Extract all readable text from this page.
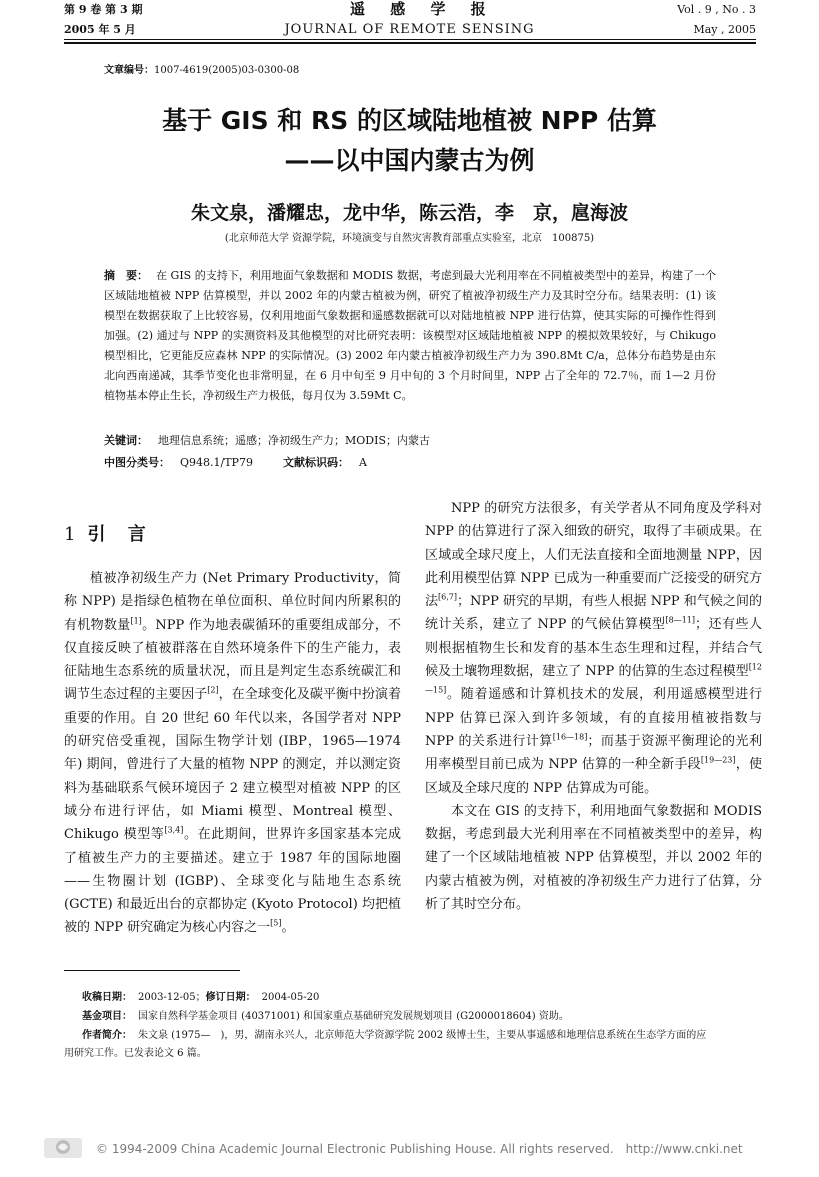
第 9 卷 第 3 期
2005 年 5 月
遥 感 学 报
JOURNAL OF REMOTE SENSING
Vol . 9 , No . 3
May , 2005
文章编号：1007-4619(2005)03-0300-08
基于 GIS 和 RS 的区域陆地植被 NPP 估算
——以中国内蒙古为例
朱文泉，潘耀忠，龙中华，陈云浩，李　京，扈海波
(北京师范大学 资源学院，环境演变与自然灾害教育部重点实验室，北京　100875)
摘　要： 在 GIS 的支持下，利用地面气象数据和 MODIS 数据，考虑到最大光利用率在不同植被类型中的差异，构建了一个区域陆地植被 NPP 估算模型，并以 2002 年的内蒙古植被为例，研究了植被净初级生产力及其时空分布。结果表明：(1) 该模型在数据获取了上比较容易，仅利用地面气象数据和遥感数据就可以对陆地植被 NPP 进行估算，使其实际的可操作性得到加强。(2) 通过与 NPP 的实测资料及其他模型的对比研究表明：该模型对区域陆地植被 NPP 的模拟效果较好，与 Chikugo 模型相比，它更能反应森林 NPP 的实际情况。(3) 2002 年内蒙古植被净初级生产力为 390.8Mt C/a，总体分布趋势是由东北向西南递减，其季节变化也非常明显，在 6 月中旬至 9 月中旬的 3 个月时间里，NPP 占了全年的 72.7％，而 1—2 月份植物基本停止生长，净初级生产力极低，每月仅为 3.59Mt C。
关键词： 地理信息系统；遥感；净初级生产力；MODIS；内蒙古
中图分类号： Q948.1/TP79	文献标识码： A
1 引 言

植被净初级生产力 (Net Primary Productivity，简称 NPP) 是指绿色植物在单位面积、单位时间内所累积的有机物数量[1]。NPP 作为地表碳循环的重要组成部分，不仅直接反映了植被群落在自然环境条件下的生产能力，表征陆地生态系统的质量状况，而且是判定生态系统碳汇和调节生态过程的主要因子[2]，在全球变化及碳平衡中扮演着重要的作用。自 20 世纪 60 年代以来，各国学者对 NPP 的研究倍受重视，国际生物学计划 (IBP，1965—1974 年) 期间，曾进行了大量的植物 NPP 的测定，并以测定资料为基础联系气候环境因子 2 建立模型对植被 NPP 的区域分布进行评估，如 Miami 模型、Montreal 模型、Chikugo 模型等[3,4]。在此期间，世界许多国家基本完成了植被生产力的主要描述。建立于 1987 年的国际地圈——生物圈计划 (IGBP)、全球变化与陆地生态系统 (GCTE) 和最近出台的京都协定 (Kyoto Protocol) 均把植被的 NPP 研究确定为核心内容之一[5]。

NPP 的研究方法很多，有关学者从不同角度及学科对 NPP 的估算进行了深入细致的研究，取得了丰硕成果。在区域或全球尺度上，人们无法直接和全面地测量 NPP，因此利用模型估算 NPP 已成为一种重要而广泛接受的研究方法[6,7]；NPP 研究的早期，有些人根据 NPP 和气候之间的统计关系，建立了 NPP 的气候估算模型[8—11]；还有些人则根据植物生长和发育的基本生态生理和过程，并结合气候及土壤物理数据，建立了 NPP 的估算的生态过程模型[12—15]。随着遥感和计算机技术的发展，利用遥感模型进行 NPP 估算已深入到许多领域，有的直接用植被指数与 NPP 的关系进行计算[16—18]；而基于资源平衡理论的光利用率模型目前已成为 NPP 估算的一种全新手段[19—23]，使区域及全球尺度的 NPP 估算成为可能。

本文在 GIS 的支持下，利用地面气象数据和 MODIS 数据，考虑到最大光利用率在不同植被类型中的差异，构建了一个区域陆地植被 NPP 估算模型，并以 2002 年的内蒙古植被为例，对植被的净初级生产力进行了估算，分析了其时空分布。

收稿日期： 2003-12-05；修订日期： 2004-05-20
基金项目： 国家自然科学基金项目 (40371001) 和国家重点基础研究发展规划项目 (G2000018604) 资助。
作者简介： 朱文泉 (1975—　)，男，湖南永兴人，北京师范大学资源学院 2002 级博士生，主要从事遥感和地理信息系统在生态学方面的应
用研究工作。已发表论文 6 篇。
© 1994-2009 China Academic Journal Electronic Publishing House. All rights reserved.　http://www.cnki.net
